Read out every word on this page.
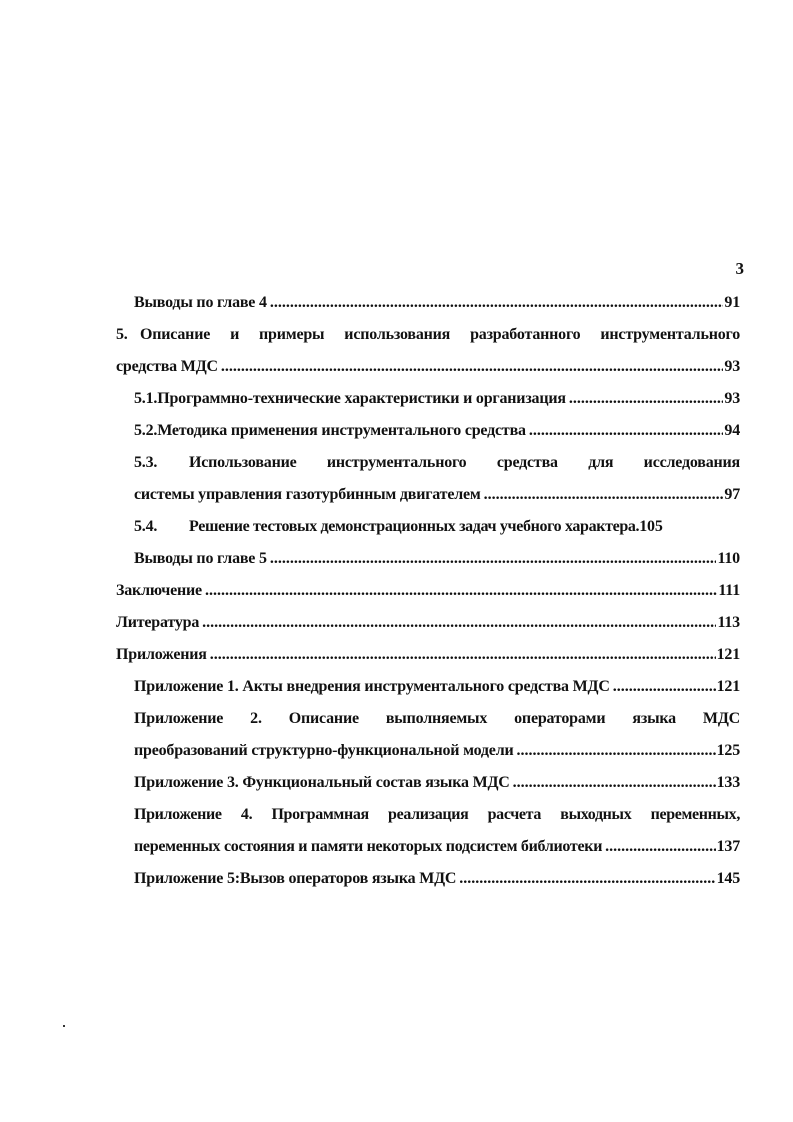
3
Выводы по главе 4 .....	91
5. Описание и примеры использования разработанного инструментального
средства МДС .....	93
5.1. Программно-технические характеристики и организация .....	93
5.2. Методика применения инструментального средства .....	94
5.3. Использование инструментального средства для исследования
системы управления газотурбинным двигателем .....	97
5.4.	Решение тестовых демонстрационных задач учебного характера. 105
Выводы по главе 5 .....	110
Заключение .....	111
Литература .....	113
Приложения .....	121
Приложение 1. Акты внедрения инструментального средства МДС .....	121
Приложение 2. Описание выполняемых операторами языка МДС
преобразований структурно-функциональной модели .....	125
Приложение 3. Функциональный состав языка МДС .....	133
Приложение 4. Программная реализация расчета выходных переменных,
переменных состояния и памяти некоторых подсистем библиотеки .....	137
Приложение 5:Вызов операторов языка МДС .....	145
